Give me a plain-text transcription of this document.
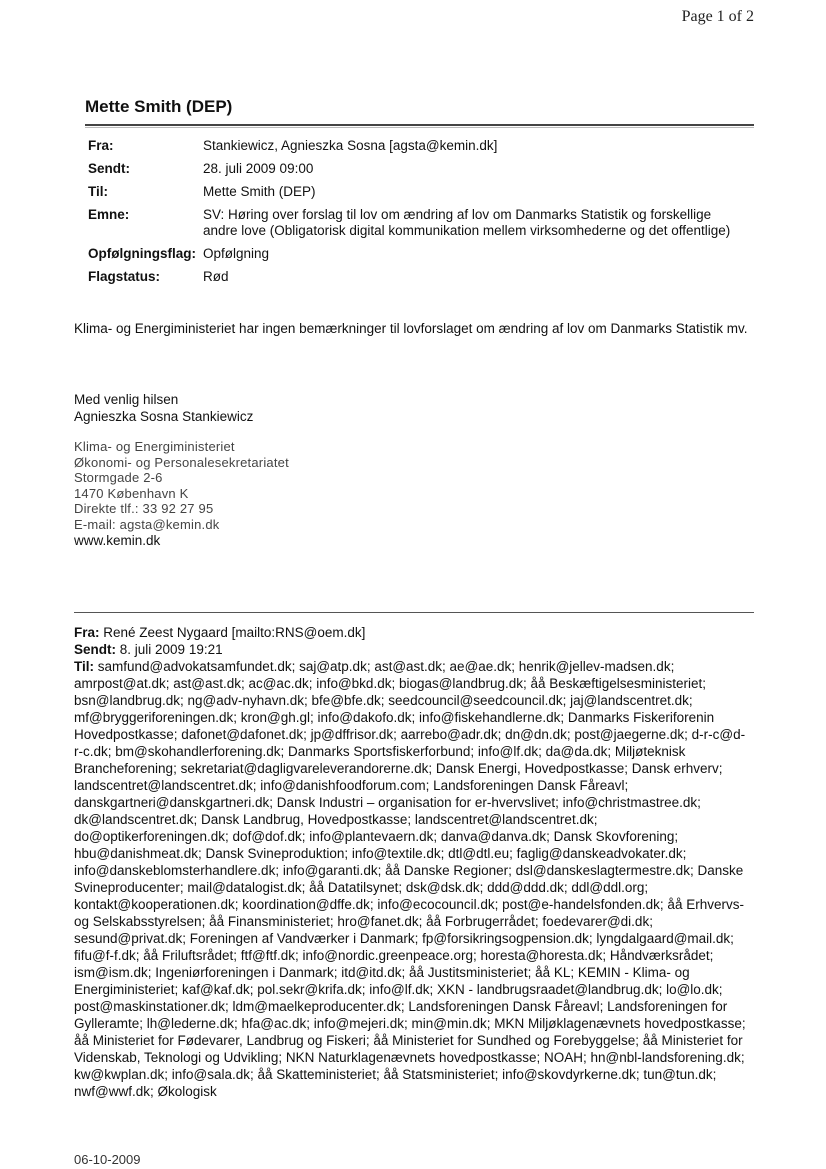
Page 1 of 2
Mette Smith (DEP)
Fra:	Stankiewicz, Agnieszka Sosna [agsta@kemin.dk]
Sendt:	28. juli 2009 09:00
Til:	Mette Smith (DEP)
Emne:	SV: Høring over forslag til lov om ændring af lov om Danmarks Statistik og forskellige andre love (Obligatorisk digital kommunikation mellem virksomhederne og det offentlige)
Opfølgningsflag:	Opfølgning
Flagstatus:	Rød
Klima- og Energiministeriet har ingen bemærkninger til lovforslaget om ændring af lov om Danmarks Statistik mv.
Med venlig hilsen
Agnieszka Sosna Stankiewicz
Klima- og Energiministeriet
Økonomi- og Personalesekretariatet
Stormgade 2-6
1470 København K
Direkte tlf.: 33 92 27 95
E-mail: agsta@kemin.dk
www.kemin.dk
Fra: René Zeest Nygaard [mailto:RNS@oem.dk]
Sendt: 8. juli 2009 19:21
Til: samfund@advokatsamfundet.dk; saj@atp.dk; ast@ast.dk; ae@ae.dk; henrik@jellev-madsen.dk; amrpost@at.dk; ast@ast.dk; ac@ac.dk; info@bkd.dk; biogas@landbrug.dk; åå Beskæftigelsesministeriet; bsn@landbrug.dk; ng@adv-nyhavn.dk; bfe@bfe.dk; seedcouncil@seedcouncil.dk; jaj@landscentret.dk; mf@bryggeriforeningen.dk; kron@gh.gl; info@dakofo.dk; info@fiskehandlerne.dk; Danmarks Fiskeriforenin Hovedpostkasse; dafonet@dafonet.dk; jp@dffrisor.dk; aarrebo@adr.dk; dn@dn.dk; post@jaegerne.dk; d-r-c@d-r-c.dk; bm@skohandlerforening.dk; Danmarks Sportsfiskerforbund; info@lf.dk; da@da.dk; Miljøteknisk Brancheforening; sekretariat@dagligvareleverandorerne.dk; Dansk Energi, Hovedpostkasse; Dansk erhverv; landscentret@landscentret.dk; info@danishfoodforum.com; Landsforeningen Dansk Fåreavl; danskgartneri@danskgartneri.dk; Dansk Industri – organisation for er-hvervslivet; info@christmastree.dk; dk@landscentret.dk; Dansk Landbrug, Hovedpostkasse; landscentret@landscentret.dk; do@optikerforeningen.dk; dof@dof.dk; info@plantevaern.dk; danva@danva.dk; Dansk Skovforening; hbu@danishmeat.dk; Dansk Svineproduktion; info@textile.dk; dtl@dtl.eu; faglig@danskeadvokater.dk; info@danskeblomsterhandlere.dk; info@garanti.dk; åå Danske Regioner; dsl@danskeslagtermestre.dk; Danske Svineproducenter; mail@datalogist.dk; åå Datatilsynet; dsk@dsk.dk; ddd@ddd.dk; ddl@ddl.org; kontakt@kooperationen.dk; koordination@dffe.dk; info@ecocouncil.dk; post@e-handelsfonden.dk; åå Erhvervs- og Selskabsstyrelsen; åå Finansministeriet; hro@fanet.dk; åå Forbrugerrådet; foedevarer@di.dk; sesund@privat.dk; Foreningen af Vandværker i Danmark; fp@forsikringsogpension.dk; lyngdalgaard@mail.dk; fifu@f-f.dk; åå Friluftsrådet; ftf@ftf.dk; info@nordic.greenpeace.org; horesta@horesta.dk; Håndværksrådet; ism@ism.dk; Ingeniørforeningen i Danmark; itd@itd.dk; åå Justitsministeriet; åå KL; KEMIN - Klima- og Energiministeriet; kaf@kaf.dk; pol.sekr@krifa.dk; info@lf.dk; XKN - landbrugsraadet@landbrug.dk; lo@lo.dk; post@maskinstationer.dk; ldm@maelkeproducenter.dk; Landsforeningen Dansk Fåreavl; Landsforeningen for Gylleramte; lh@lederne.dk; hfa@ac.dk; info@mejeri.dk; min@min.dk; MKN Miljøklagenævnets hovedpostkasse; åå Ministeriet for Fødevarer, Landbrug og Fiskeri; åå Ministeriet for Sundhed og Forebyggelse; åå Ministeriet for Videnskab, Teknologi og Udvikling; NKN Naturklagenævnets hovedpostkasse; NOAH; hn@nbl-landsforening.dk; kw@kwplan.dk; info@sala.dk; åå Skatteministeriet; åå Statsministeriet; info@skovdyrkerne.dk; tun@tun.dk; nwf@wwf.dk; Økologisk
06-10-2009
